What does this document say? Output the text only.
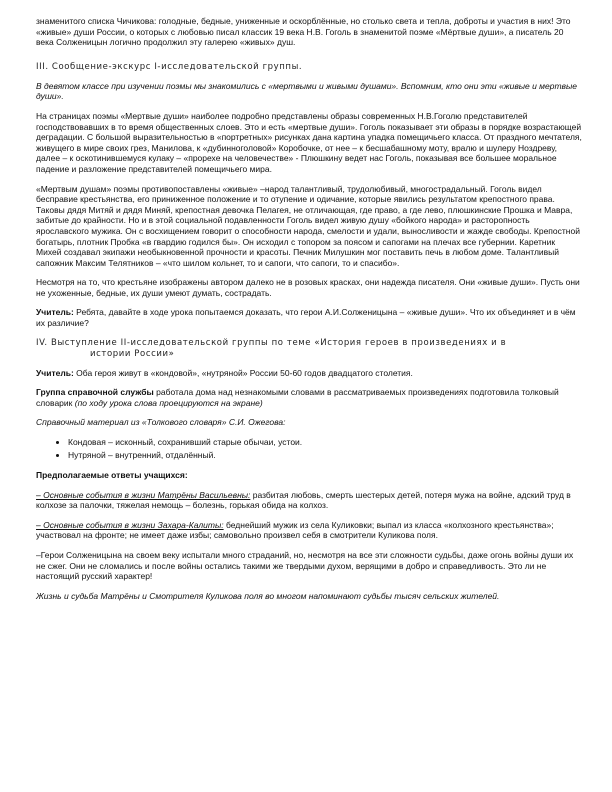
знаменитого списка Чичикова: голодные, бедные, униженные и оскорблённые, но столько света и тепла, доброты и участия в них! Это «живые» души России, о которых с любовью писал классик 19 века Н.В. Гоголь в знаменитой поэме «Мёртвые души», а писатель 20 века Солженицын логично продолжил эту галерею «живых» душ.

III. Сообщение-экскурс I-исследовательской группы.

В девятом классе при изучении поэмы мы знакомились с «мертвыми и живыми душами». Вспомним, кто они эти «живые и мертвые души».

На страницах поэмы «Мертвые души» наиболее подробно представлены образы современных Н.В.Гоголю представителей господствовавших в то время общественных слоев. Это и есть «мертвые души». Гоголь показывает эти образы в порядке возрастающей деградации. С большой выразительностью в «портретных» рисунках дана картина упадка помещичьего класса. От праздного мечтателя, живущего в мире своих грез, Манилова, к «дубинноголовой» Коробочке, от нее – к бесшабашному моту, вралю и шулеру Ноздреву, далее – к оскотинившемуся кулаку – «прорехе на человечестве» - Плюшкину ведет нас Гоголь, показывая все большее моральное падение и разложение представителей помещичьего мира.

«Мертвым душам» поэмы противопоставлены «живые» –народ талантливый, трудолюбивый, многострадальный. Гоголь видел бесправие крестьянства, его приниженное положение и то отупение и одичание, которые явились результатом крепостного права. Таковы дядя Митяй и дядя Миняй, крепостная девочка Пелагея, не отличающая, где право, а где лево, плюшкинские Прошка и Мавра, забитые до крайности. Но и в этой социальной подавленности Гоголь видел живую душу «бойкого народа» и расторопность ярославского мужика. Он с восхищением говорит о способности народа, смелости и удали, выносливости и жажде свободы. Крепостной богатырь, плотник Пробка «в гвардию годился бы». Он исходил с топором за поясом и сапогами на плечах все губернии. Каретник Михей создавал экипажи необыкновенной прочности и красоты. Печник Милушкин мог поставить печь в любом доме. Талантливый сапожник Максим Телятников – «что шилом кольнет, то и сапоги, что сапоги, то и спасибо».

Несмотря на то, что крестьяне изображены автором далеко не в розовых красках, они надежда писателя. Они «живые души». Пусть они не ухоженные, бедные, их души умеют думать, сострадать.

Учитель: Ребята, давайте в ходе урока попытаемся доказать, что герои А.И.Солженицына – «живые души». Что их объединяет и в чём их различие?

IV. Выступление II-исследовательской группы по теме «История героев в произведениях и в
истории России»

Учитель: Оба героя живут в «кондовой», «нутряной» России 50-60 годов двадцатого столетия.

Группа справочной службы работала дома над незнакомыми словами в рассматриваемых произведениях подготовила толковый словарик (по ходу урока слова проецируются на экране)

Справочный материал из «Толкового словаря» С.И. Ожегова:

• Кондовая – исконный, сохранивший старые обычаи, устои.
• Нутряной – внутренний, отдалённый.

Предполагаемые ответы учащихся:

– Основные события в жизни Матрёны Васильевны: разбитая любовь, смерть шестерых детей, потеря мужа на войне, адский труд в колхозе за палочки, тяжелая немощь – болезнь, горькая обида на колхоз.

– Основные события в жизни Захара-Калиты: беднейший мужик из села Куликовки; выпал из класса «колхозного крестьянства»; участвовал на фронте; не имеет даже избы; самовольно произвел себя в смотрители Куликова поля.

–Герои Солженицына на своем веку испытали много страданий, но, несмотря на все эти сложности судьбы, даже огонь войны души их не сжег. Они не сломались и после войны остались такими же твердыми духом, верящими в добро и справедливость. Это ли не настоящий русский характер!

Жизнь и судьба Матрёны и Смотрителя Куликова поля во многом напоминают судьбы тысяч сельских жителей.
